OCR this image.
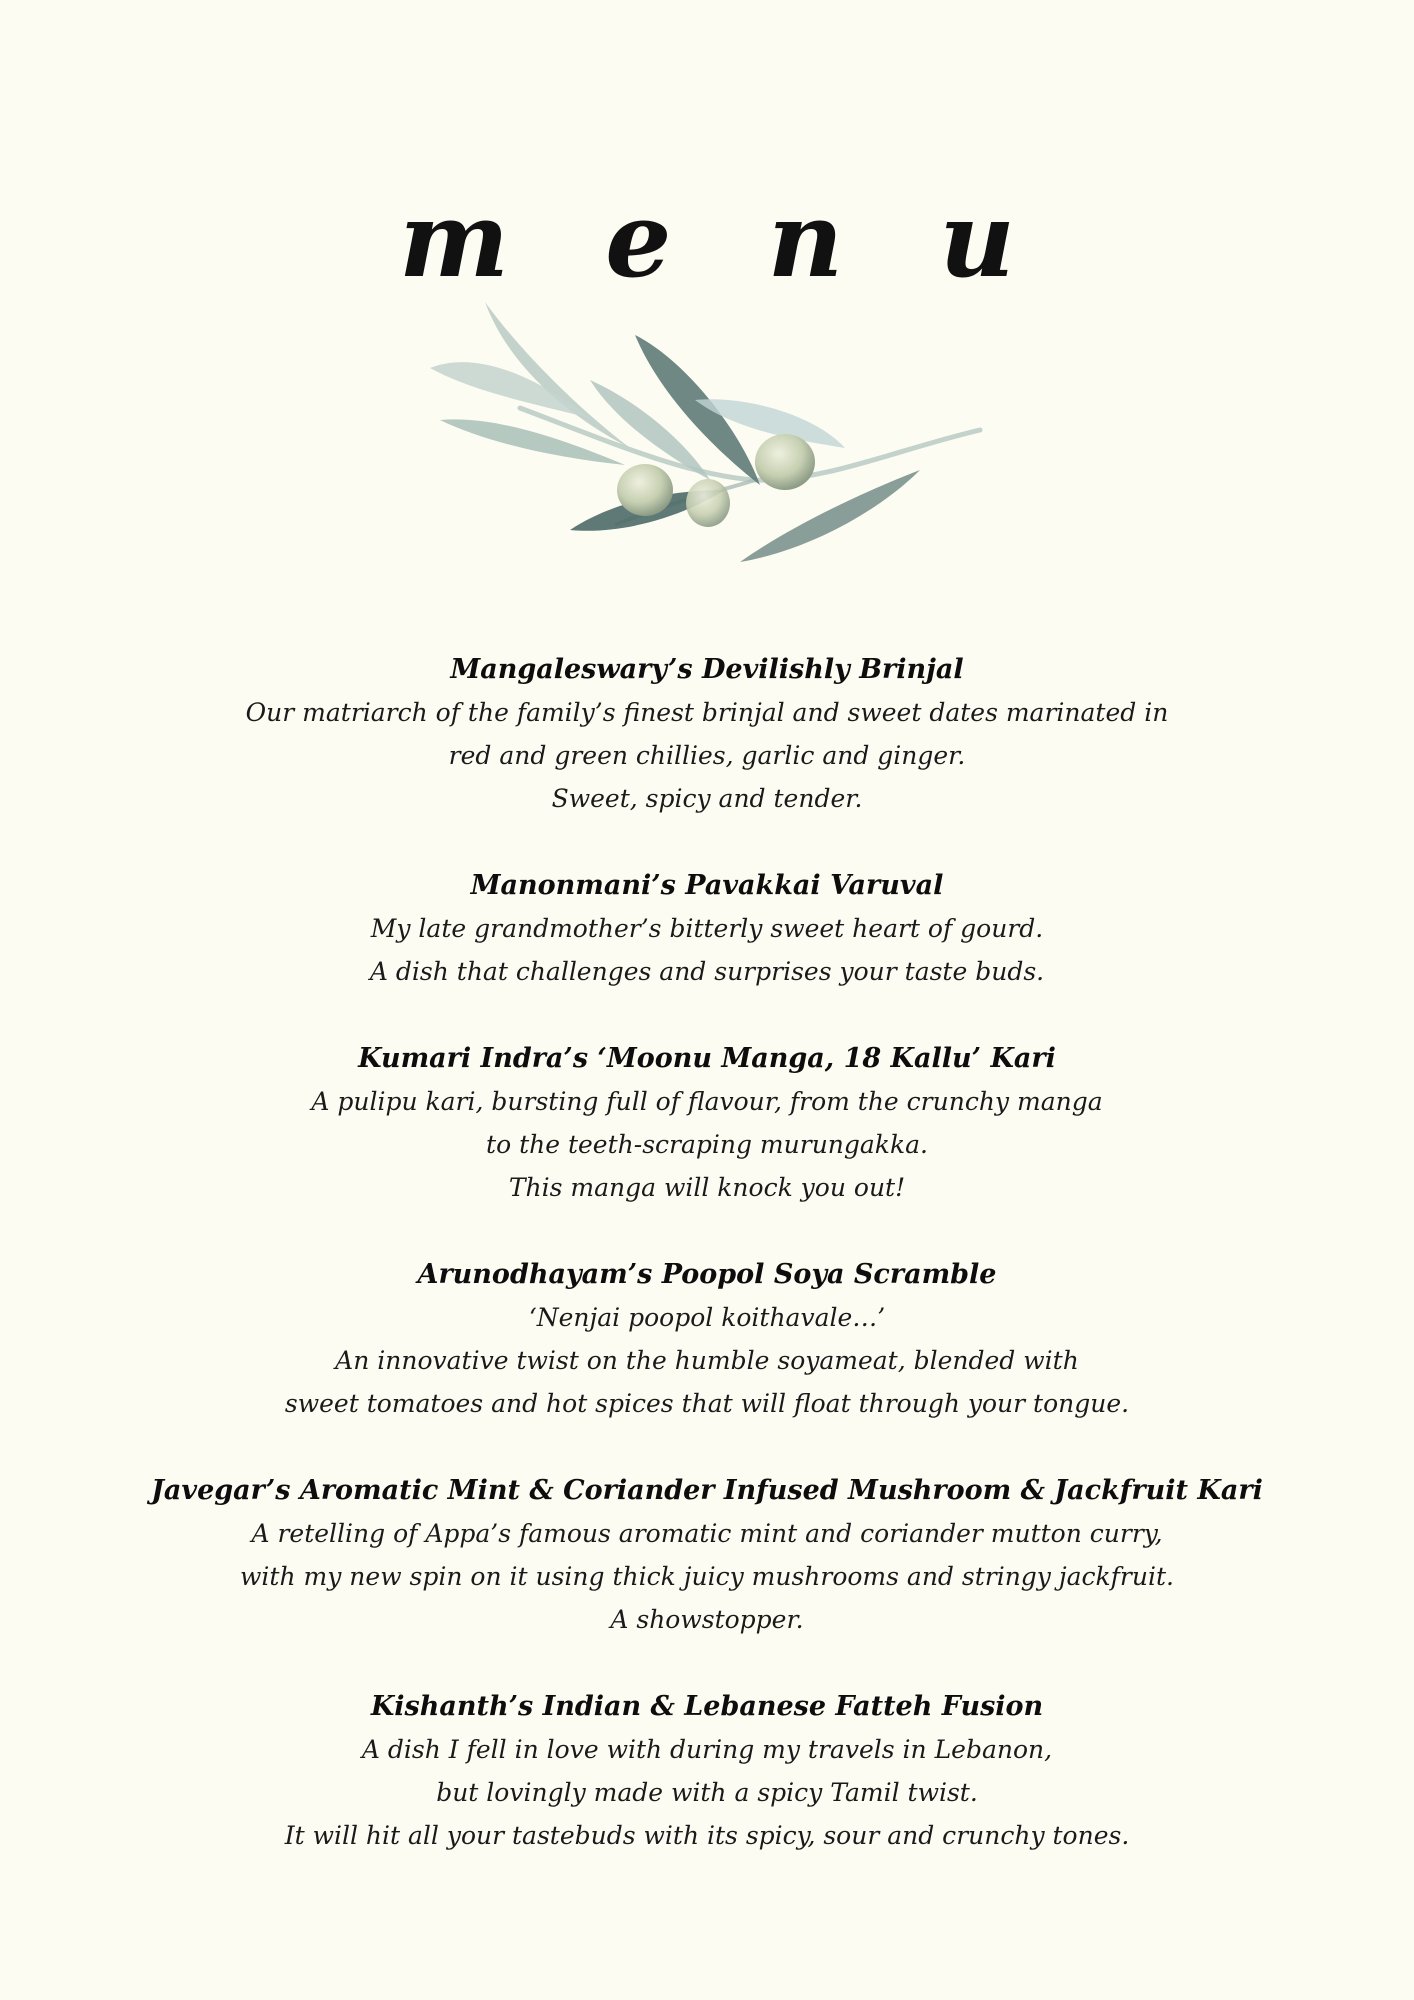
m e n u

Mangaleswary’s Devilishly Brinjal

Our matriarch of the family’s finest brinjal and sweet dates marinated in

red and green chillies, garlic and ginger.

Sweet, spicy and tender.

Manonmani’s Pavakkai Varuval

My late grandmother’s bitterly sweet heart of gourd.

A dish that challenges and surprises your taste buds.

Kumari Indra’s ‘Moonu Manga, 18 Kallu’ Kari

A pulipu kari, bursting full of flavour, from the crunchy manga

to the teeth-scraping murungakka.

This manga will knock you out!

Arunodhayam’s Poopol Soya Scramble

‘Nenjai poopol koithavale…’

An innovative twist on the humble soyameat, blended with

sweet tomatoes and hot spices that will float through your tongue.

Javegar’s Aromatic Mint & Coriander Infused Mushroom & Jackfruit Kari

A retelling of Appa’s famous aromatic mint and coriander mutton curry,

with my new spin on it using thick juicy mushrooms and stringy jackfruit.

A showstopper.

Kishanth’s Indian & Lebanese Fatteh Fusion

A dish I fell in love with during my travels in Lebanon,

but lovingly made with a spicy Tamil twist.

It will hit all your tastebuds with its spicy, sour and crunchy tones.
